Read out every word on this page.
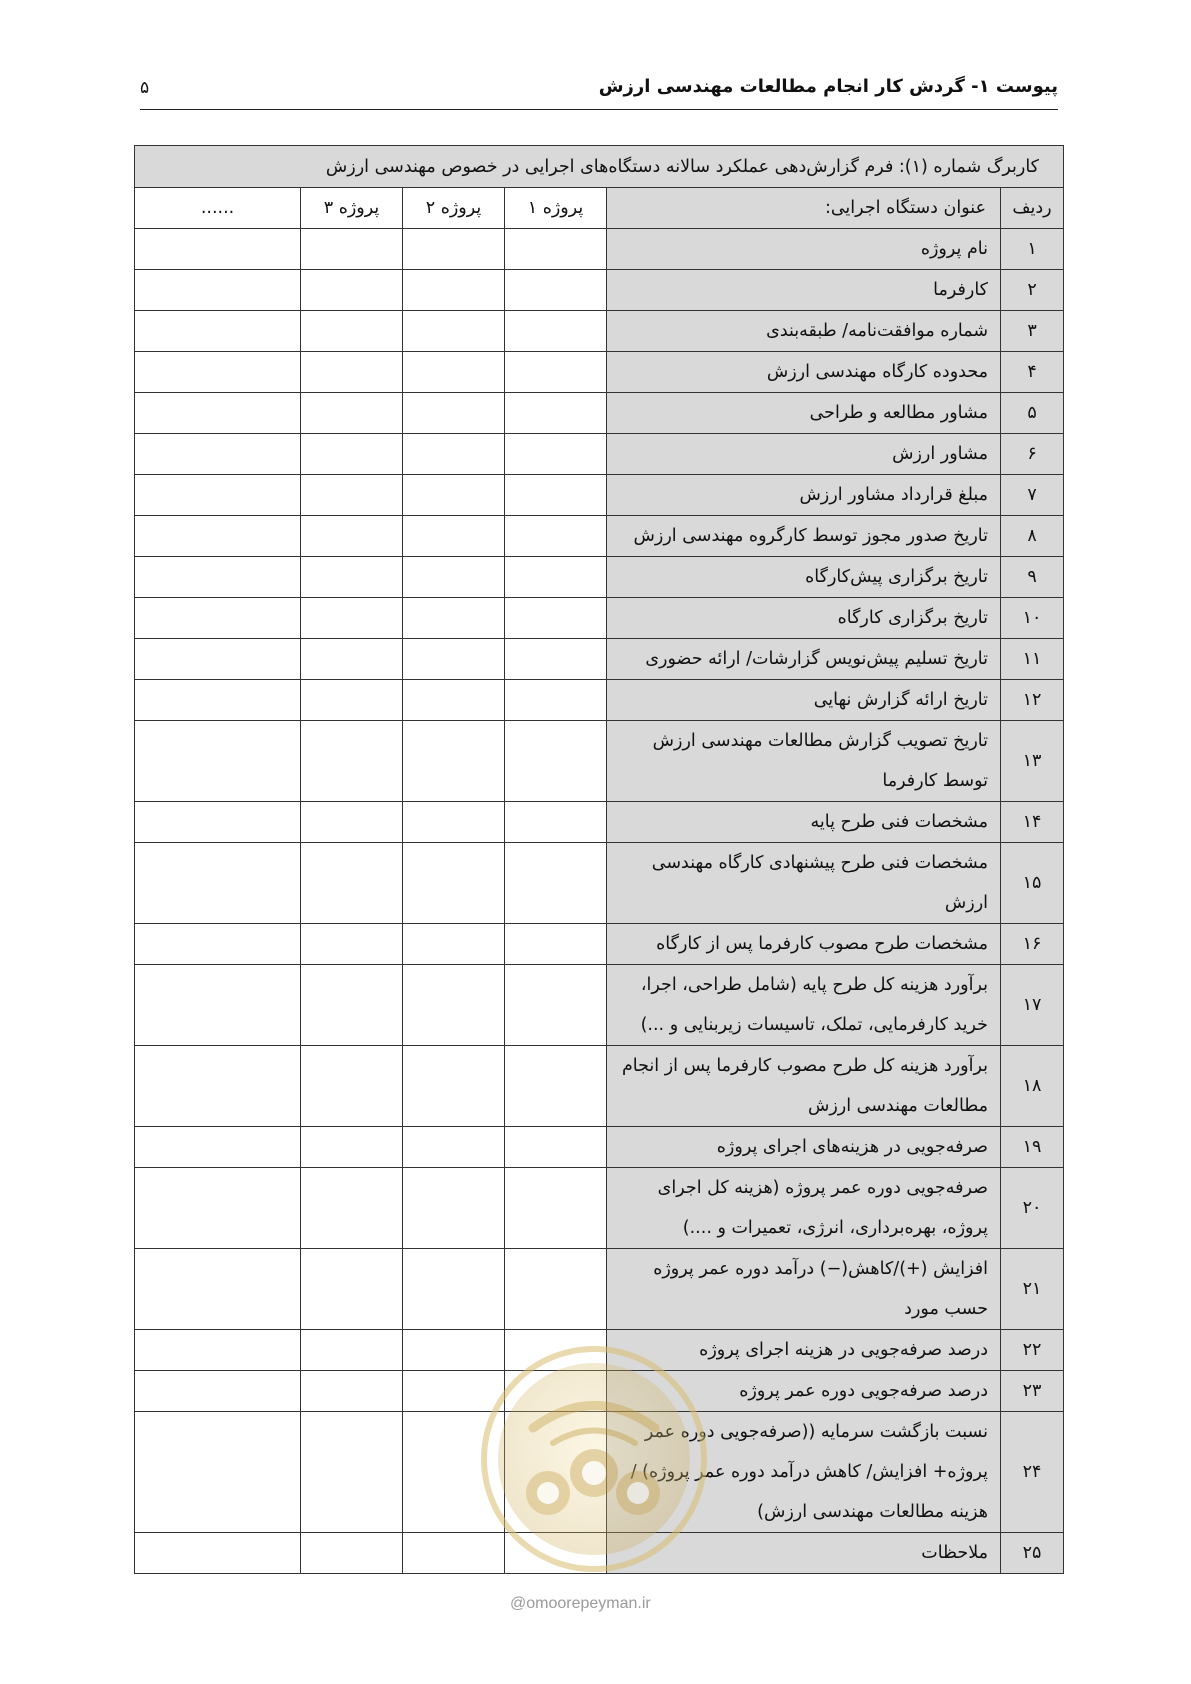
پیوست ۱- گردش کار انجام مطالعات مهندسی ارزش
۵
کاربرگ شماره (۱): فرم گزارش‌دهی عملکرد سالانه دستگاه‌های اجرایی در خصوص مهندسی ارزش					
ردیف	عنوان دستگاه اجرایی:	پروژه ۱	پروژه ۲	پروژه ۳	......
۱	نام پروژه				
۲	کارفرما				
۳	شماره موافقت‌نامه/ طبقه‌بندی				
۴	محدوده کارگاه مهندسی ارزش				
۵	مشاور مطالعه و طراحی				
۶	مشاور ارزش				
۷	مبلغ قرارداد مشاور ارزش				
۸	تاریخ صدور مجوز توسط کارگروه مهندسی ارزش				
۹	تاریخ برگزاری پیش‌کارگاه				
۱۰	تاریخ برگزاری کارگاه				
۱۱	تاریخ تسلیم پیش‌نویس گزارشات/ ارائه حضوری				
۱۲	تاریخ ارائه گزارش نهایی				
۱۳	تاریخ تصویب گزارش مطالعات مهندسی ارزش توسط کارفرما				
۱۴	مشخصات فنی طرح پایه				
۱۵	مشخصات فنی طرح پیشنهادی کارگاه مهندسی ارزش				
۱۶	مشخصات طرح مصوب کارفرما پس از کارگاه				
۱۷	برآورد هزینه کل طرح پایه (شامل طراحی، اجرا، خرید کارفرمایی، تملک، تاسیسات زیربنایی و ...)				
۱۸	برآورد هزینه کل طرح مصوب کارفرما پس از انجام مطالعات مهندسی ارزش				
۱۹	صرفه‌جویی در هزینه‌های اجرای پروژه				
۲۰	صرفه‌جویی دوره عمر پروژه (هزینه کل اجرای پروژه، بهره‌برداری، انرژی، تعمیرات و ....)				
۲۱	افزایش (+)/کاهش(−) درآمد دوره عمر پروژه حسب مورد				
۲۲	درصد صرفه‌جویی در هزینه اجرای پروژه				
۲۳	درصد صرفه‌جویی دوره عمر پروژه				
۲۴	نسبت بازگشت سرمایه ((صرفه‌جویی دوره عمر پروژه+ افزایش/ کاهش درآمد دوره عمر پروژه) / هزینه مطالعات مهندسی ارزش)				
۲۵	ملاحظات				
@omoorepeyman.ir
